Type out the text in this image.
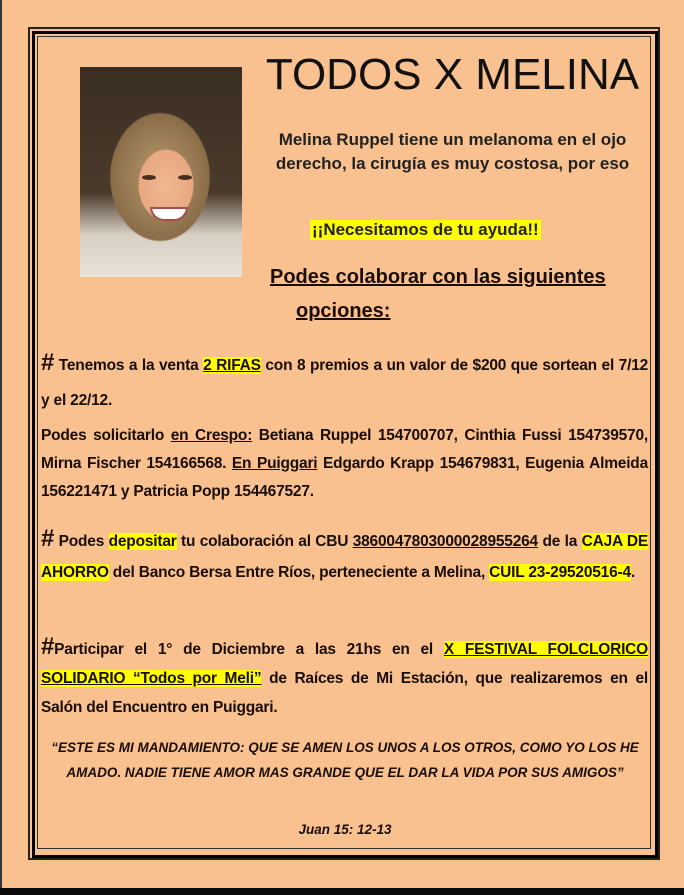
TODOS X MELINA
Melina Ruppel tiene un melanoma en el ojo derecho, la cirugía es muy costosa, por eso
¡¡Necesitamos de tu ayuda!!
Podes colaborar con las siguientes
opciones:
# Tenemos a la venta 2 RIFAS con 8 premios a un valor de $200 que sortean el 7/12 y el 22/12.
Podes solicitarlo en Crespo: Betiana Ruppel 154700707, Cinthia Fussi 154739570, Mirna Fischer 154166568. En Puiggari Edgardo Krapp 154679831, Eugenia Almeida 156221471 y Patricia Popp 154467527.
# Podes depositar tu colaboración al CBU 3860047803000028955264 de la CAJA DE AHORRO del Banco Bersa Entre Ríos, perteneciente a Melina, CUIL 23-29520516-4.
#Participar el 1° de Diciembre a las 21hs en el X FESTIVAL FOLCLORICO SOLIDARIO “Todos por Meli” de Raíces de Mi Estación, que realizaremos en el Salón del Encuentro en Puiggari.
“ESTE ES MI MANDAMIENTO: QUE SE AMEN LOS UNOS A LOS OTROS, COMO YO LOS HE AMADO. NADIE TIENE AMOR MAS GRANDE QUE EL DAR LA VIDA POR SUS AMIGOS”
Juan 15: 12-13
